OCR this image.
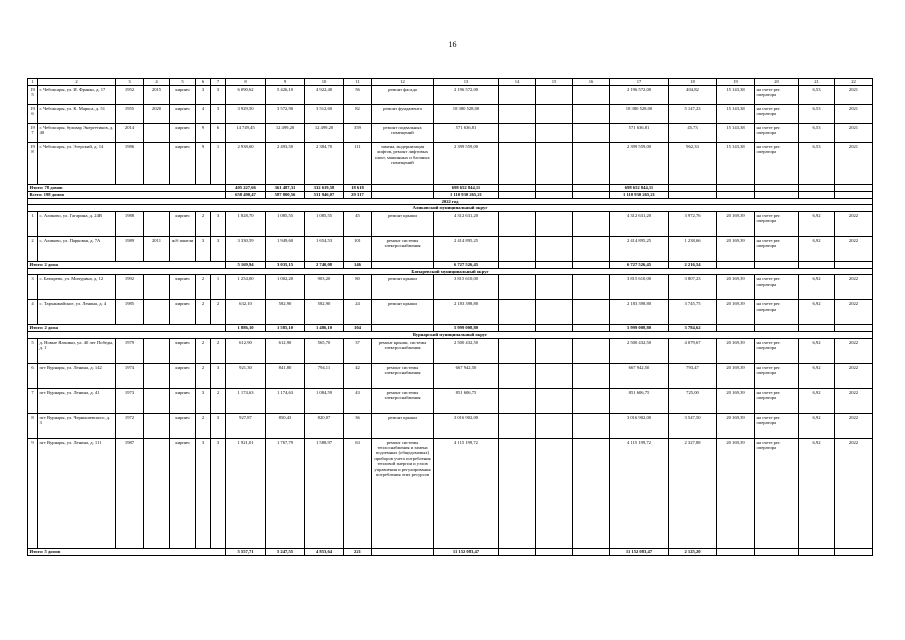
16
1	2	3	4	5	6	7	8	9	10	11	12	13	14	15	16	17	18	19	20	21	22
195	г. Чебоксары, ул. И. Франко, д. 17	1952	2015	кирпич	3	3	6 090,62	5 426,10	4 922,40	56	ремонт фасада	2 196 572,00				2 196 572,00	404,82	15 143,38	на счете рег. оператора	6,53	2021
196	г. Чебоксары, ул. К. Маркса, д. 51	1955	2020	кирпич	4	3	3 929,50	3 572,90	3 512,60	82	ремонт фундамента	18 380 528,00				18 380 528,00	5 147,23	15 143,38	на счете рег. оператора	6,53	2021
197	г. Чебоксары, бульвар Энергетиков, д. 40	2014		кирпич	9	6	14 749,45	12 499,20	12 499,20	359	ремонт подвальных помещений	571 636,81				571 636,81	45,73	15 143,38	на счете рег. оператора	6,53	2021
198	г. Чебоксары, ул. Эгерский, д. 14	1986		кирпич	9	1	2 938,60	2 493,50	2 384,70	111	замена, модернизация лифтов, ремонт лифтовых шахт, машинных и блочных помещений	2 399 559,00				2 399 559,00	962,33	15 143,38	на счете рег. оператора	6,53	2021
Итого: 78 домов							405 227,66	361 487,31	332 619,58	18 618		698 652 844,11				698 652 844,11					
Всего: 198 домов							658 490,47	587 800,56	531 946,07	29 317		1 110 930 265,21				1 110 930 265,21					
2022 год																					
Аликовский муниципальный округ																					
1	с. Аликово, ул. Гагарина, д. 24В	1988		кирпич	2	3	1 828,70	1 085,55	1 085,55	45	ремонт крыши	4 312 631,20				4 312 631,20	3 972,76	20 169,39	на счете рег. оператора	6,92	2022
2	с. Аликово, ул. Парковая, д. 7А	1989	2011	ж/б панели	3	3	3 330,59	1 949,60	1 654,53	101	ремонт системы электроснабжения	2 414 895,25				2 414 895,25	1 238,66	20 169,39	на счете рег. оператора	6,92	2022
Итого: 2 дома							5 169,94	3 035,15	2 740,08	146		6 727 526,45				6 727 526,45	2 216,54				
Батыревский муниципальный округ																					
3	с. Батырево, ул. Мичурина, д. 12	1992		кирпич	2	1	1 254,00	1 002,20	903,20	80	ремонт крыши	3 815 610,00				3 815 610,00	3 807,23	20 169,39	на счете рег. оператора	6,92	2022
4	с. Тарханмайское, ул. Ленина, д. 4	1985		кирпич	2	2	632,10	582,90	582,90	24	ремонт крыши	2 183 398,80				2 183 398,80	3 745,75	20 169,39	на счете рег. оператора	6,92	2022
Итого: 2 дома							1 886,10	1 585,10	1 486,10	104		5 999 008,80				5 999 008,80	3 784,62				
Вурнарский муниципальный округ																					
5	д. Новые Яльчики, ул. 40 лет Победы, д. 1	1979		кирпич	2	2	612,90	612,90	565,70	37	ремонт крыши, системы электроснабжения	2 500 432,50				2 500 432,50	4 079,67	20 169,39	на счете рег. оператора	6,92	2022
6	пгт Вурнары, ул. Ленина, д. 142	1974		кирпич	2	3	921,30	841,80	794,11	42	ремонт системы электроснабжения	667 942,50				667 942,50	793,47	20 169,39	на счете рег. оператора	6,92	2022
7	пгт Вурнары, ул. Ленина, д. 41	1973		кирпич	3	2	1 174,63	1 174,63	1 084,59	43	ремонт системы электроснабжения	851 606,75				851 606,75	725,00	20 169,39	на счете рег. оператора	6,92	2022
8	пгт Вурнары, ул. Чернышевского, д. 3	1972		кирпич	2	3	927,87	850,43	820,07	36	ремонт крыши	3 016 902,00				3 016 902,00	3 547,50	20 169,39	на счете рег. оператора	6,92	2022
9	пгт Вурнары, ул. Ленина, д. 111	1987		кирпич	3	3	1 921,01	1 767,79	1 588,97	63	ремонт системы теплоснабжения и замена подземных (общедомовых) приборов учета потребления тепловой энергии и узлов управления и регулирования потребления этих ресурсов	4 115 199,72				4 115 199,72	2 327,88	20 169,39	на счете рег. оператора	6,92	2022
Итого: 5 домов							5 557,71	5 247,55	4 853,64	221		11 152 083,47				11 152 083,47	2 125,20				
